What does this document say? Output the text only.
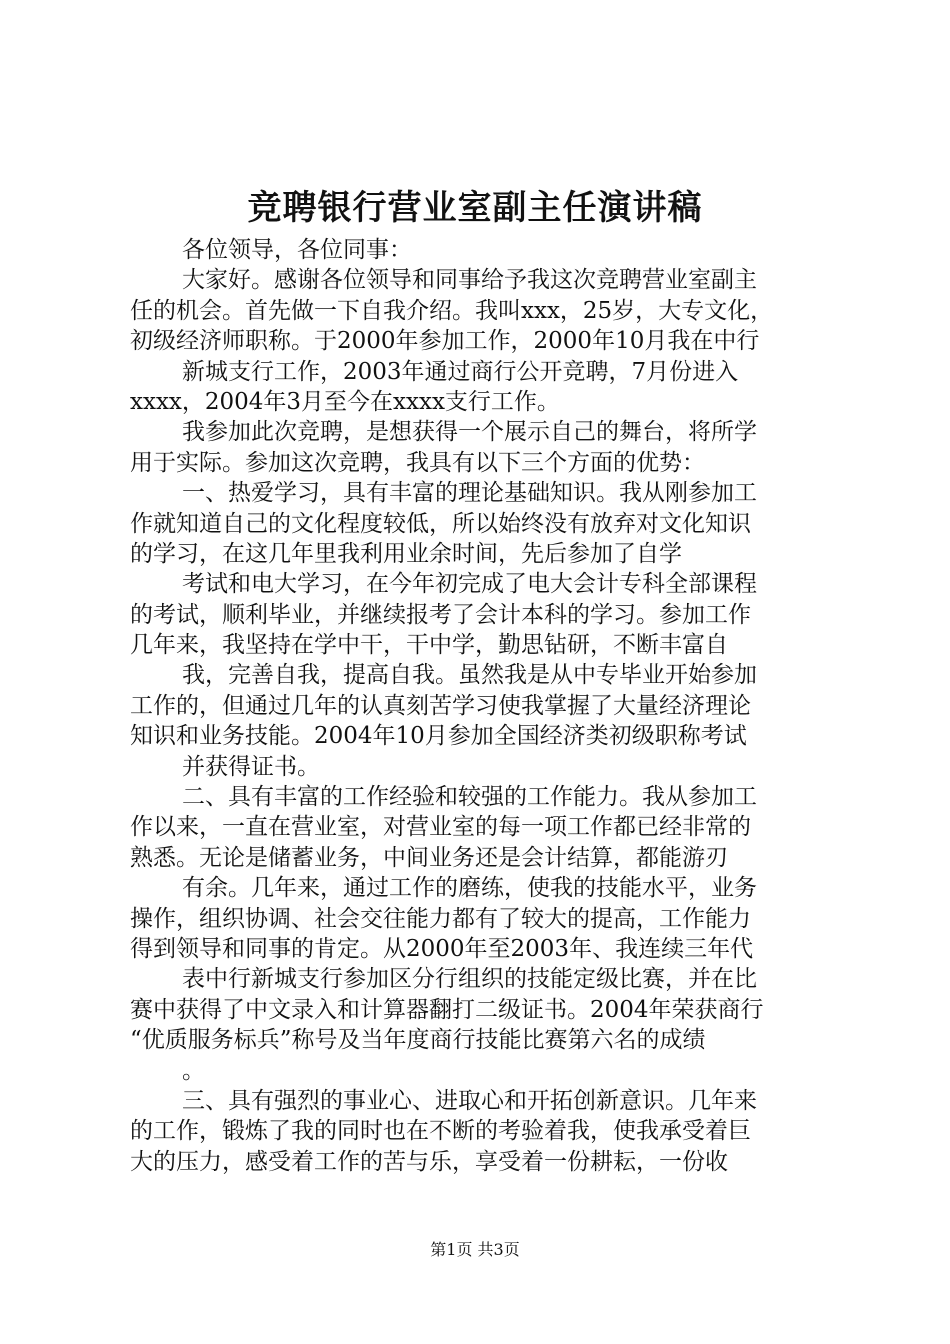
竞聘银行营业室副主任演讲稿
各位领导，各位同事：
大家好。感谢各位领导和同事给予我这次竞聘营业室副主
任的机会。首先做一下自我介绍。我叫xxx，25岁，大专文化，
初级经济师职称。于2000年参加工作，2000年10月我在中行
新城支行工作，2003年通过商行公开竞聘，7月份进入
xxxx，2004年3月至今在xxxx支行工作。
我参加此次竞聘，是想获得一个展示自己的舞台，将所学
用于实际。参加这次竞聘，我具有以下三个方面的优势：
一、热爱学习，具有丰富的理论基础知识。我从刚参加工
作就知道自己的文化程度较低，所以始终没有放弃对文化知识
的学习，在这几年里我利用业余时间，先后参加了自学
考试和电大学习，在今年初完成了电大会计专科全部课程
的考试，顺利毕业，并继续报考了会计本科的学习。参加工作
几年来，我坚持在学中干，干中学，勤思钻研，不断丰富自
我，完善自我，提高自我。虽然我是从中专毕业开始参加
工作的，但通过几年的认真刻苦学习使我掌握了大量经济理论
知识和业务技能。2004年10月参加全国经济类初级职称考试
并获得证书。
二、具有丰富的工作经验和较强的工作能力。我从参加工
作以来，一直在营业室，对营业室的每一项工作都已经非常的
熟悉。无论是储蓄业务，中间业务还是会计结算，都能游刃
有余。几年来，通过工作的磨练，使我的技能水平，业务
操作，组织协调、社会交往能力都有了较大的提高，工作能力
得到领导和同事的肯定。从2000年至2003年、我连续三年代
表中行新城支行参加区分行组织的技能定级比赛，并在比
赛中获得了中文录入和计算器翻打二级证书。2004年荣获商行
“优质服务标兵”称号及当年度商行技能比赛第六名的成绩
。
三、具有强烈的事业心、进取心和开拓创新意识。几年来
的工作，锻炼了我的同时也在不断的考验着我，使我承受着巨
大的压力，感受着工作的苦与乐，享受着一份耕耘，一份收
第1页 共3页
